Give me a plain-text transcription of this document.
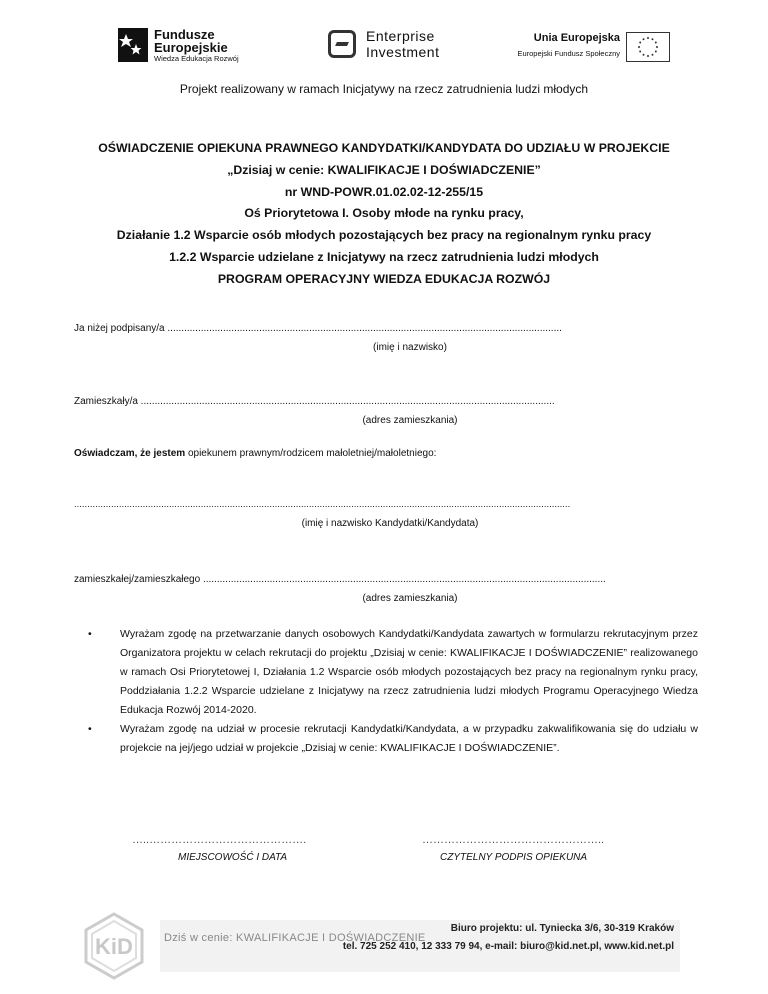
Fundusze
Europejskie
Wiedza Edukacja Rozwój
Enterprise
Investment
Unia Europejska
Europejski Fundusz Społeczny
Projekt realizowany w ramach Inicjatywy na rzecz zatrudnienia ludzi młodych
OŚWIADCZENIE OPIEKUNA PRAWNEGO KANDYDATKI/KANDYDATA DO UDZIAŁU W PROJEKCIE
„Dzisiaj w cenie: KWALIFIKACJE I DOŚWIADCZENIE”
nr WND-POWR.01.02.02-12-255/15
Oś Priorytetowa I. Osoby młode na rynku pracy,
Działanie 1.2 Wsparcie osób młodych pozostających bez pracy na regionalnym rynku pracy
1.2.2 Wsparcie udzielane z Inicjatywy na rzecz zatrudnienia ludzi młodych
PROGRAM OPERACYJNY WIEDZA EDUKACJA ROZWÓJ
Ja niżej podpisany/a ..............................................................................................................................................
(imię i nazwisko)
Zamieszkały/a .....................................................................................................................................................
(adres zamieszkania)
Oświadczam, że jestem opiekunem prawnym/rodzicem małoletniej/małoletniego:
............................................................................................................................................................................................
(imię i nazwisko Kandydatki/Kandydata)
zamieszkałej/zamieszkałego .................................................................................................................................................
(adres zamieszkania)
• Wyrażam zgodę na przetwarzanie danych osobowych Kandydatki/Kandydata zawartych w formularzu rekrutacyjnym przez Organizatora projektu w celach rekrutacji do projektu „Dzisiaj w cenie: KWALIFIKACJE I DOŚWIADCZENIE” realizowanego w ramach Osi Priorytetowej I, Działania 1.2 Wsparcie osób młodych pozostających bez pracy na regionalnym rynku pracy, Poddziałania 1.2.2 Wsparcie udzielane z Inicjatywy na rzecz zatrudnienia ludzi młodych Programu Operacyjnego Wiedza Edukacja Rozwój 2014-2020.
• Wyrażam zgodę na udział w procesie rekrutacji Kandydatki/Kandydata, a w przypadku zakwalifikowania się do udziału w projekcie na jej/jego udział w projekcie „Dzisiaj w cenie: KWALIFIKACJE I DOŚWIADCZENIE”.
…..…………………………………….
MIEJSCOWOŚĆ I DATA
…………………………………………..
CZYTELNY PODPIS OPIEKUNA
KiD	Dziś w cenie: KWALIFIKACJE I DOŚWIADCZENIE
Biuro projektu: ul. Tyniecka 3/6, 30-319 Kraków
tel. 725 252 410, 12 333 79 94, e-mail: biuro@kid.net.pl, www.kid.net.pl
